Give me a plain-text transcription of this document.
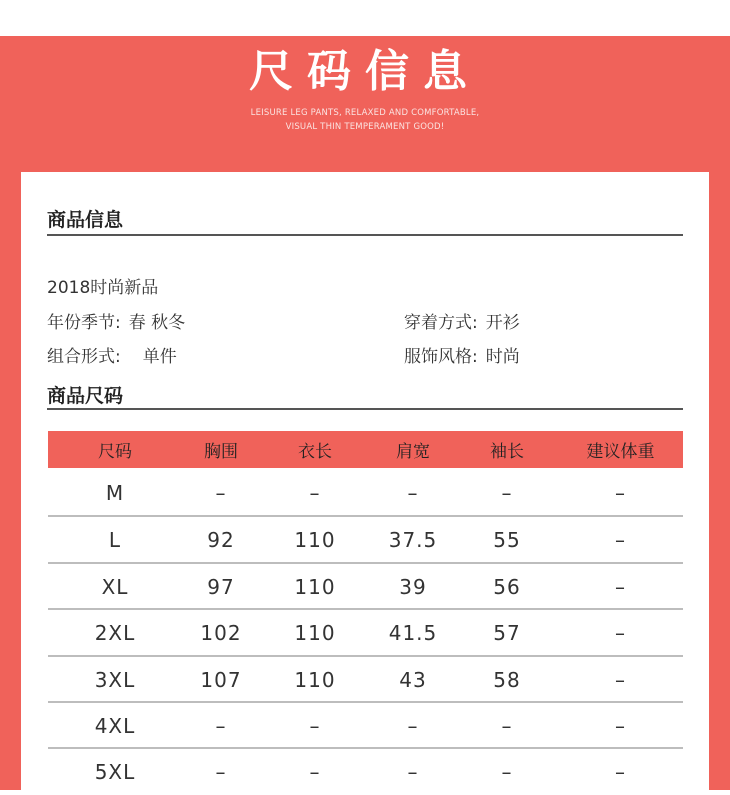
尺码信息
LEISURE LEG PANTS, RELAXED AND COMFORTABLE,
VISUAL THIN TEMPERAMENT GOOD!
商品信息
2018时尚新品
年份季节: 春 秋冬	穿着方式: 开衫
组合形式: 单件	服饰风格: 时尚
商品尺码
尺码	胸围	衣长	肩宽	袖长	建议体重
M	–	–	–	–	–
L	92	110	37.5	55	–
XL	97	110	39	56	–
2XL	102	110	41.5	57	–
3XL	107	110	43	58	–
4XL	–	–	–	–	–
5XL	–	–	–	–	–
